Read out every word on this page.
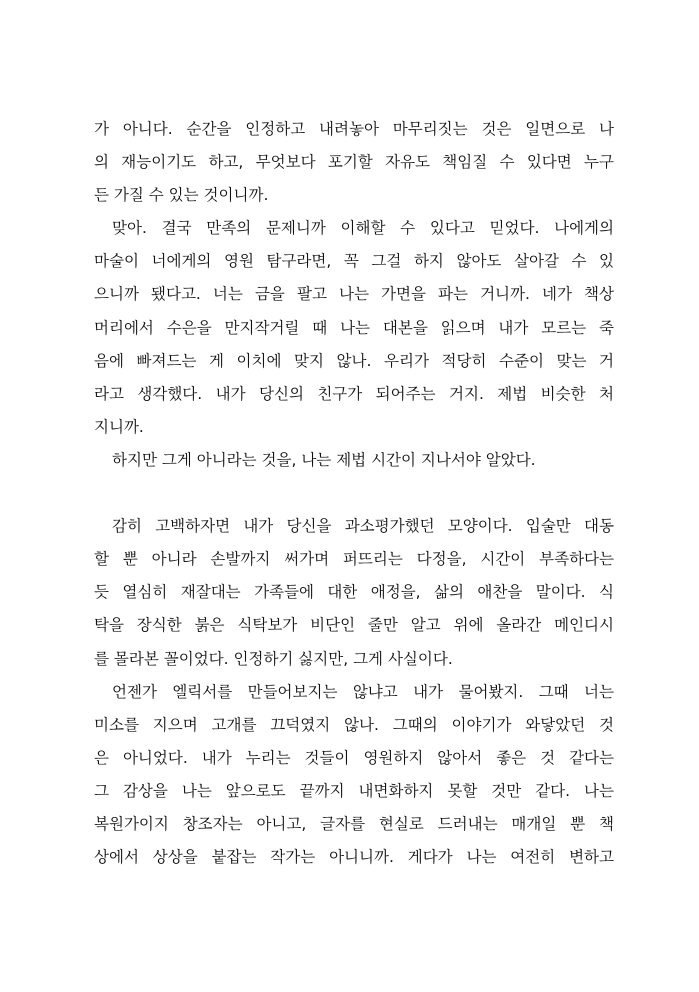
가 아니다. 순간을 인정하고 내려놓아 마무리짓는 것은 일면으로 나
의 재능이기도 하고, 무엇보다 포기할 자유도 책임질 수 있다면 누구
든 가질 수 있는 것이니까.
맞아. 결국 만족의 문제니까 이해할 수 있다고 믿었다. 나에게의
마술이 너에게의 영원 탐구라면, 꼭 그걸 하지 않아도 살아갈 수 있
으니까 됐다고. 너는 금을 팔고 나는 가면을 파는 거니까. 네가 책상
머리에서 수은을 만지작거릴 때 나는 대본을 읽으며 내가 모르는 죽
음에 빠져드는 게 이치에 맞지 않나. 우리가 적당히 수준이 맞는 거
라고 생각했다. 내가 당신의 친구가 되어주는 거지. 제법 비슷한 처
지니까.
하지만 그게 아니라는 것을, 나는 제법 시간이 지나서야 알았다.
감히 고백하자면 내가 당신을 과소평가했던 모양이다. 입술만 대동
할 뿐 아니라 손발까지 써가며 퍼뜨리는 다정을, 시간이 부족하다는
듯 열심히 재잘대는 가족들에 대한 애정을, 삶의 애찬을 말이다. 식
탁을 장식한 붉은 식탁보가 비단인 줄만 알고 위에 올라간 메인디시
를 몰라본 꼴이었다. 인정하기 싫지만, 그게 사실이다.
언젠가 엘릭서를 만들어보지는 않냐고 내가 물어봤지. 그때 너는
미소를 지으며 고개를 끄덕였지 않나. 그때의 이야기가 와닿았던 것
은 아니었다. 내가 누리는 것들이 영원하지 않아서 좋은 것 같다는
그 감상을 나는 앞으로도 끝까지 내면화하지 못할 것만 같다. 나는
복원가이지 창조자는 아니고, 글자를 현실로 드러내는 매개일 뿐 책
상에서 상상을 붙잡는 작가는 아니니까. 게다가 나는 여전히 변하고
